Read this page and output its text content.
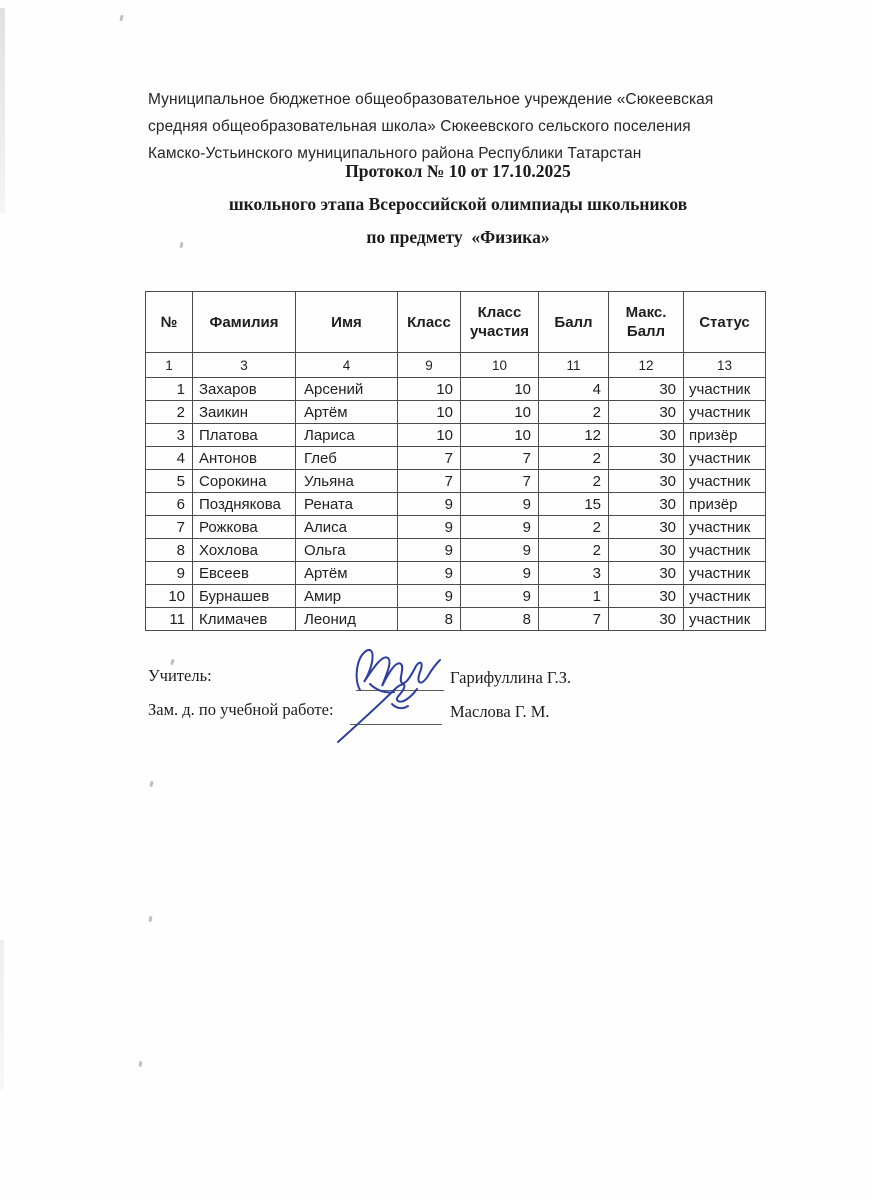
Муниципальное бюджетное общеобразовательное учреждение «Сюкеевская средняя общеобразовательная школа» Сюкеевского сельского поселения Камско-Устьинского муниципального района Республики Татарстан

Протокол № 10 от 17.10.2025
школьного этапа Всероссийской олимпиады школьников
по предмету  «Физика»
№	Фамилия	Имя	Класс	Класс участия	Балл	Макс. Балл	Статус
1	3	4	9	10	11	12	13
1	Захаров	Арсений	10	10	4	30	участник
2	Заикин	Артём	10	10	2	30	участник
3	Платова	Лариса	10	10	12	30	призёр
4	Антонов	Глеб	7	7	2	30	участник
5	Сорокина	Ульяна	7	7	2	30	участник
6	Позднякова	Рената	9	9	15	30	призёр
7	Рожкова	Алиса	9	9	2	30	участник
8	Хохлова	Ольга	9	9	2	30	участник
9	Евсеев	Артём	9	9	3	30	участник
10	Бурнашев	Амир	9	9	1	30	участник
11	Климачев	Леонид	8	8	7	30	участник
Учитель:	Гарифуллина Г.З.
Зам. д. по учебной работе:	Маслова Г. М.
